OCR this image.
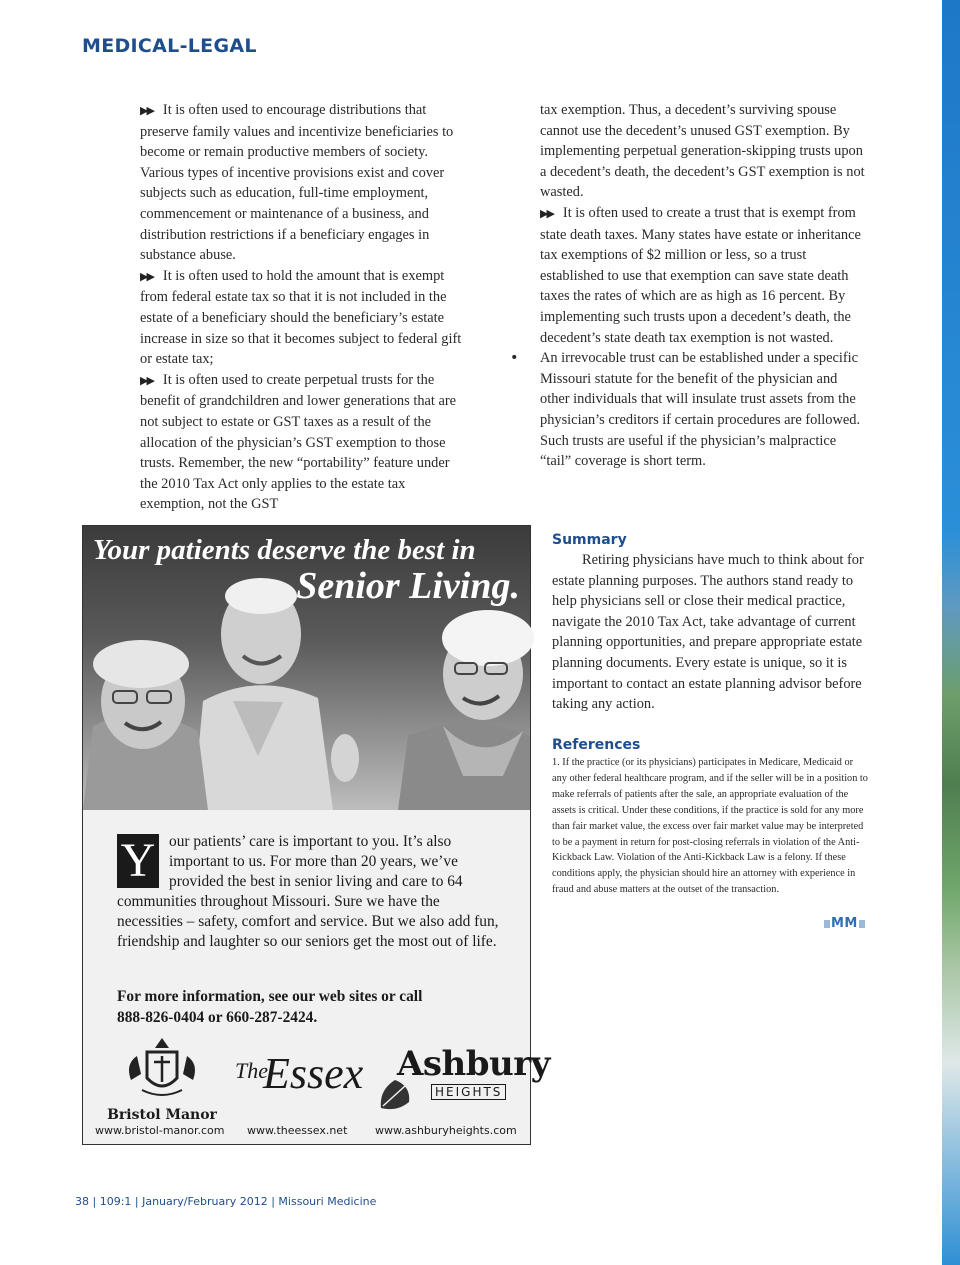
MEDICAL-LEGAL

▶▶ It is often used to encourage distributions that preserve family values and incentivize beneficiaries to become or remain productive members of society. Various types of incentive provisions exist and cover subjects such as education, full-time employment, commencement or maintenance of a business, and distribution restrictions if a beneficiary engages in substance abuse.

▶▶ It is often used to hold the amount that is exempt from federal estate tax so that it is not included in the estate of a beneficiary should the beneficiary’s estate increase in size so that it becomes subject to federal gift or estate tax;

▶▶ It is often used to create perpetual trusts for the benefit of grandchildren and lower generations that are not subject to estate or GST taxes as a result of the allocation of the physician’s GST exemption to those trusts. Remember, the new “portability” feature under the 2010 Tax Act only applies to the estate tax exemption, not the GST

tax exemption. Thus, a decedent’s surviving spouse cannot use the decedent’s unused GST exemption. By implementing perpetual generation-skipping trusts upon a decedent’s death, the decedent’s GST exemption is not wasted.

▶▶ It is often used to create a trust that is exempt from state death taxes. Many states have estate or inheritance tax exemptions of $2 million or less, so a trust established to use that exemption can save state death taxes the rates of which are as high as 16 percent. By implementing such trusts upon a decedent’s death, the decedent’s state death tax exemption is not wasted.

• An irrevocable trust can be established under a specific Missouri statute for the benefit of the physician and other individuals that will insulate trust assets from the physician’s creditors if certain procedures are followed. Such trusts are useful if the physician’s malpractice “tail” coverage is short term.

Summary

Retiring physicians have much to think about for estate planning purposes. The authors stand ready to help physicians sell or close their medical practice, navigate the 2010 Tax Act, take advantage of current planning opportunities, and prepare appropriate estate planning documents. Every estate is unique, so it is important to contact an estate planning advisor before taking any action.

References

1. If the practice (or its physicians) participates in Medicare, Medicaid or any other federal healthcare program, and if the seller will be in a position to make referrals of patients after the sale, an appropriate evaluation of the assets is critical. Under these conditions, if the practice is sold for any more than fair market value, the excess over fair market value may be interpreted to be a payment in return for post-closing referrals in violation of the Anti-Kickback Law. Violation of the Anti-Kickback Law is a felony. If these conditions apply, the physician should hire an attorney with experience in fraud and abuse matters at the outset of the transaction.

MM
Your patients deserve the best in
Senior Living.
Y our patients’ care is important to you. It’s also important to us. For more than 20 years, we’ve provided the best in senior living and care to 64 communities throughout Missouri. Sure we have the necessities – safety, comfort and service. But we also add fun, friendship and laughter so our seniors get the most out of life.
For more information, see our web sites or call
888-826-0404 or 660-287-2424.
Bristol Manor
The
Essex Ashbury
HEIGHTS
www.bristol-manor.com www.theessex.net	www.ashburyheights.com
38 | 109:1 | January/February 2012 | Missouri Medicine
